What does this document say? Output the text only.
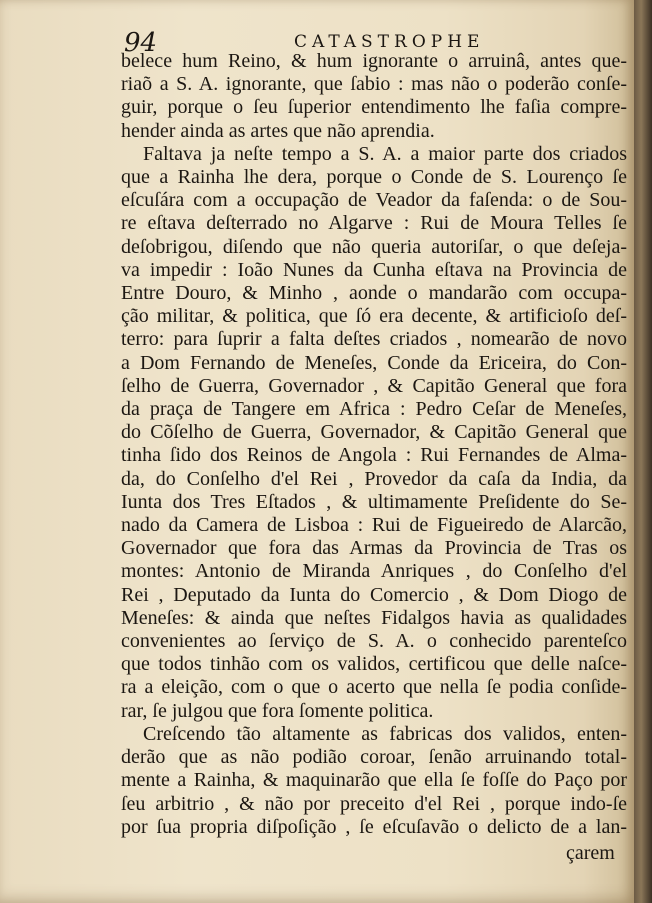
94	CATASTROPHE
belece hum Reino, & hum ignorante o arruinâ, antes que-
riaõ a S. A. ignorante, que ſabio : mas não o poderão conſe-
guir, porque o ſeu ſuperior entendimento lhe faſia compre-
hender ainda as artes que não aprendia.
Faltava ja neſte tempo a S. A. a maior parte dos criados
que a Rainha lhe dera, porque o Conde de S. Lourenço ſe
eſcuſára com a occupação de Veador da faſenda: o de Sou-
re eſtava deſterrado no Algarve : Rui de Moura Telles ſe
deſobrigou, diſendo que não queria autoriſar, o que deſeja-
va impedir : Ioão Nunes da Cunha eſtava na Provincia de
Entre Douro, & Minho , aonde o mandarão com occupa-
ção militar, & politica, que ſó era decente, & artificioſo deſ-
terro: para ſuprir a falta deſtes criados , nomearão de novo
a Dom Fernando de Meneſes, Conde da Ericeira, do Con-
ſelho de Guerra, Governador , & Capitão General que fora
da praça de Tangere em Africa : Pedro Ceſar de Meneſes,
do Cõſelho de Guerra, Governador, & Capitão General que
tinha ſido dos Reinos de Angola : Rui Fernandes de Alma-
da, do Conſelho d'el Rei , Provedor da caſa da India, da
Iunta dos Tres Eſtados , & ultimamente Preſidente do Se-
nado da Camera de Lisboa : Rui de Figueiredo de Alarcão,
Governador que fora das Armas da Provincia de Tras os
montes: Antonio de Miranda Anriques , do Conſelho d'el
Rei , Deputado da Iunta do Comercio , & Dom Diogo de
Meneſes: & ainda que neſtes Fidalgos havia as qualidades
convenientes ao ſerviço de S. A. o conhecido parenteſco
que todos tinhão com os validos, certificou que delle naſce-
ra a eleição, com o que o acerto que nella ſe podia conſide-
rar, ſe julgou que fora ſomente politica.
Creſcendo tão altamente as fabricas dos validos, enten-
derão que as não podião coroar, ſenão arruinando total-
mente a Rainha, & maquinarão que ella ſe foſſe do Paço por
ſeu arbitrio , & não por preceito d'el Rei , porque indo-ſe
por ſua propria diſpoſição , ſe eſcuſavão o delicto de a lan-
çarem
